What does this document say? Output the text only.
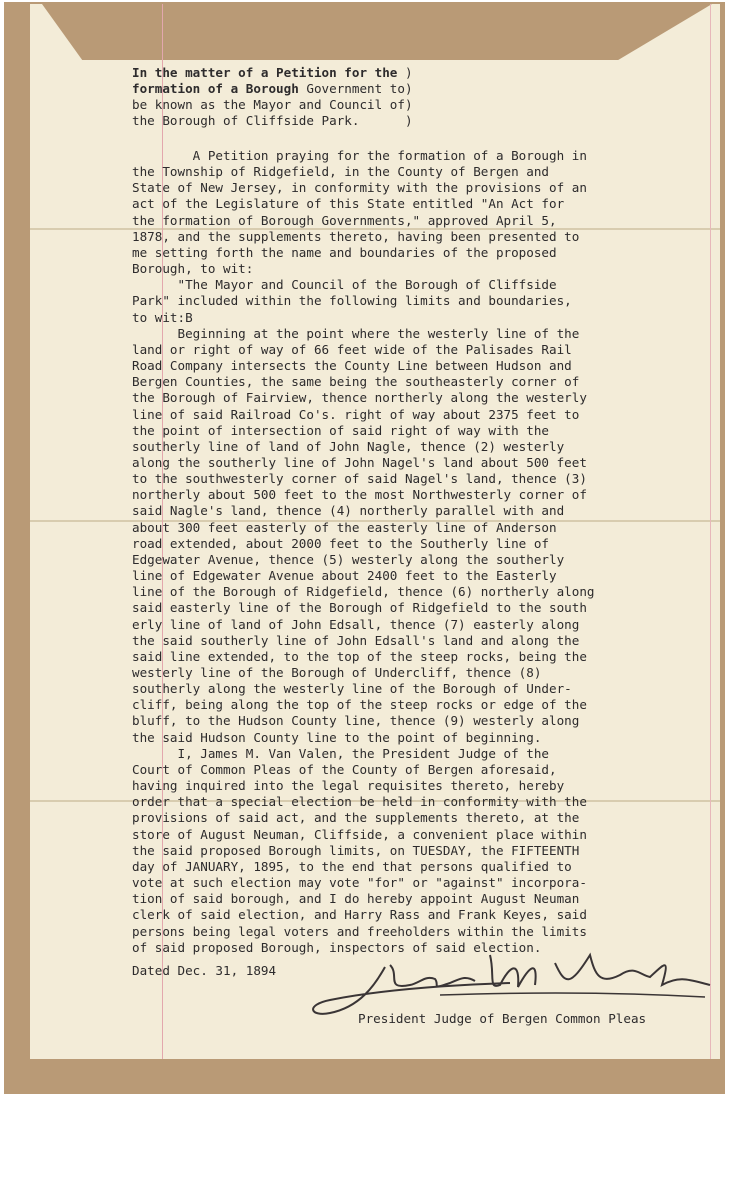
In the matter of a Petition for the )
formation of a Borough Government to)
be known as the Mayor and Council of)
the Borough of Cliffside Park.      )
A Petition praying for the formation of a Borough in
the Township of Ridgefield, in the County of Bergen and
State of New Jersey, in conformity with the provisions of an
act of the Legislature of this State entitled "An Act for
the formation of Borough Governments," approved April 5,
1878, and the supplements thereto, having been presented to
me setting forth the name and boundaries of the proposed
Borough, to wit:
"The Mayor and Council of the Borough of Cliffside
Park" included within the following limits and boundaries,
to wit:B
Beginning at the point where the westerly line of the
land or right of way of 66 feet wide of the Palisades Rail
Road Company intersects the County Line between Hudson and
Bergen Counties, the same being the southeasterly corner of
the Borough of Fairview, thence northerly along the westerly
line of said Railroad Co's. right of way about 2375 feet to
the point of intersection of said right of way with the
southerly line of land of John Nagle, thence (2) westerly
along the southerly line of John Nagel's land about 500 feet
to the southwesterly corner of said Nagel's land, thence (3)
northerly about 500 feet to the most Northwesterly corner of
said Nagle's land, thence (4) northerly parallel with and
about 300 feet easterly of the easterly line of Anderson
road extended, about 2000 feet to the Southerly line of
Edgewater Avenue, thence (5) westerly along the southerly
line of Edgewater Avenue about 2400 feet to the Easterly
line of the Borough of Ridgefield, thence (6) northerly along
said easterly line of the Borough of Ridgefield to the south
erly line of land of John Edsall, thence (7) easterly along
the said southerly line of John Edsall's land and along the
said line extended, to the top of the steep rocks, being the
westerly line of the Borough of Undercliff, thence (8)
southerly along the westerly line of the Borough of Under-
cliff, being along the top of the steep rocks or edge of the
bluff, to the Hudson County line, thence (9) westerly along
the said Hudson County line to the point of beginning.
I, James M. Van Valen, the President Judge of the
Court of Common Pleas of the County of Bergen aforesaid,
having inquired into the legal requisites thereto, hereby
order that a special election be held in conformity with the
provisions of said act, and the supplements thereto, at the
store of August Neuman, Cliffside, a convenient place within
the said proposed Borough limits, on TUESDAY, the FIFTEENTH
day of JANUARY, 1895, to the end that persons qualified to
vote at such election may vote "for" or "against" incorpora-
tion of said borough, and I do hereby appoint August Neuman
clerk of said election, and Harry Rass and Frank Keyes, said
persons being legal voters and freeholders within the limits
of said proposed Borough, inspectors of said election.
Dated Dec. 31, 1894
President Judge of Bergen Common Pleas
